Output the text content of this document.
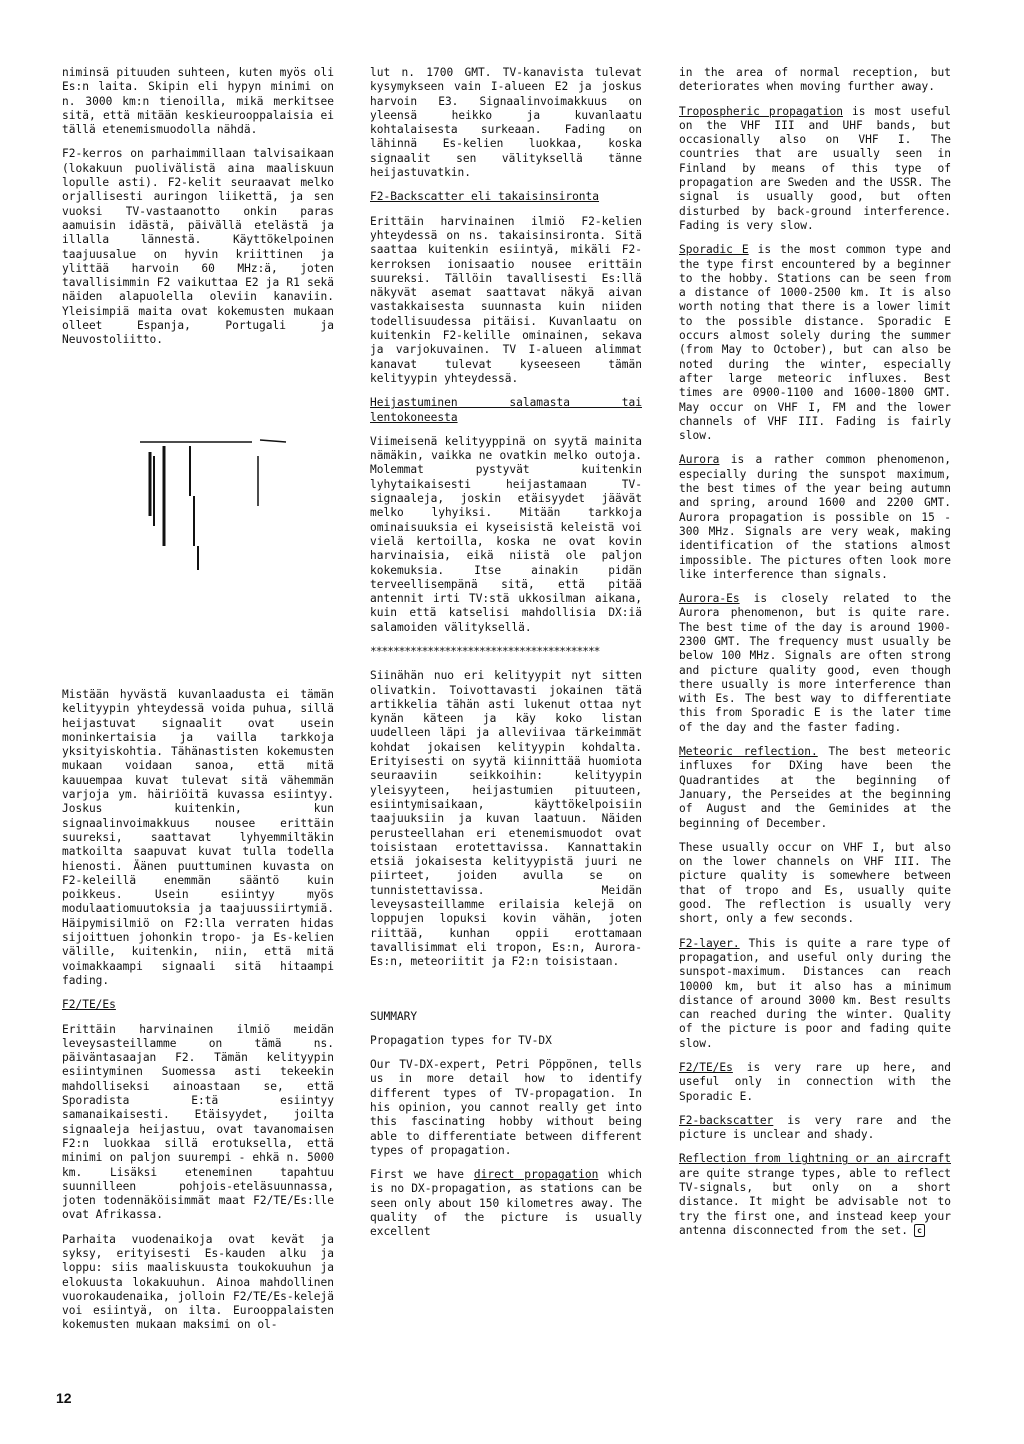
niminsä pituuden suhteen, kuten myös oli Es:n laita. Skipin eli hypyn minimi on n. 3000 km:n tienoilla, mikä merkitsee sitä, että mitään keskieurooppalaisia ei tällä etenemismuodolla nähdä.

F2-kerros on parhaimmillaan talvisaikaan (lokakuun puolivälistä aina maaliskuun lopulle asti). F2-kelit seuraavat melko orjallisesti auringon liikettä, ja sen vuoksi TV-vastaanotto onkin paras aamuisin idästä, päivällä etelästä ja illalla lännestä. Käyttökelpoinen taajuusalue on hyvin kriittinen ja ylittää harvoin 60 MHz:ä, joten tavallisimmin F2 vaikuttaa E2 ja R1 sekä näiden alapuolella oleviin kanaviin. Yleisimpiä maita ovat kokemusten mukaan olleet Espanja, Portugali ja Neuvostoliitto.

Mistään hyvästä kuvanlaadusta ei tämän kelityypin yhteydessä voida puhua, sillä heijastuvat signaalit ovat usein moninkertaisia ja vailla tarkkoja yksityiskohtia. Tähänastisten kokemusten mukaan voidaan sanoa, että mitä kauuempaa kuvat tulevat sitä vähemmän varjoja ym. häiriöitä kuvassa esiintyy. Joskus kuitenkin, kun signaalinvoimakkuus nousee erittäin suureksi, saattavat lyhyemmiltäkin matkoilta saapuvat kuvat tulla todella hienosti. Äänen puuttuminen kuvasta on F2-keleillä enemmän sääntö kuin poikkeus. Usein esiintyy myös modulaatiomuutoksia ja taajuussiirtymiä. Häipymisilmiö on F2:lla verraten hidas sijoittuen johonkin tropo- ja Es-kelien välille, kuitenkin, niin, että mitä voimakkaampi signaali sitä hitaampi fading.

F2/TE/Es

Erittäin harvinainen ilmiö meidän leveysasteillamme on tämä ns. päiväntasaajan F2. Tämän kelityypin esiintyminen Suomessa asti tekeekin mahdolliseksi ainoastaan se, että Sporadista E:tä esiintyy samanaikaisesti. Etäisyydet, joilta signaaleja heijastuu, ovat tavanomaisen F2:n luokkaa sillä erotuksella, että minimi on paljon suurempi - ehkä n. 5000 km. Lisäksi eteneminen tapahtuu suunnilleen pohjois-eteläsuunnassa, joten todennäköisimmät maat F2/TE/Es:lle ovat Afrikassa.

Parhaita vuodenaikoja ovat kevät ja syksy, erityisesti Es-kauden alku ja loppu: siis maaliskuusta toukokuuhun ja elokuusta lokakuuhun. Ainoa mahdollinen vuorokaudenaika, jolloin F2/TE/Es-kelejä voi esiintyä, on ilta. Eurooppalaisten kokemusten mukaan maksimi on ol-

lut n. 1700 GMT. TV-kanavista tulevat kysymykseen vain I-alueen E2 ja joskus harvoin E3. Signaalinvoimakkuus on yleensä heikko ja kuvanlaatu kohtalaisesta surkeaan. Fading on lähinnä Es-kelien luokkaa, koska signaalit sen välityksellä tänne heijastuvatkin.

F2-Backscatter eli takaisinsironta

Erittäin harvinainen ilmiö F2-kelien yhteydessä on ns. takaisinsironta. Sitä saattaa kuitenkin esiintyä, mikäli F2-kerroksen ionisaatio nousee erittäin suureksi. Tällöin tavallisesti Es:llä näkyvät asemat saattavat näkyä aivan vastakkaisesta suunnasta kuin niiden todellisuudessa pitäisi. Kuvanlaatu on kuitenkin F2-kelille ominainen, sekava ja varjokuvainen. TV I-alueen alimmat kanavat tulevat kyseeseen tämän kelityypin yhteydessä.

Heijastuminen salamasta tai lentokoneesta

Viimeisenä kelityyppinä on syytä mainita nämäkin, vaikka ne ovatkin melko outoja. Molemmat pystyvät kuitenkin lyhytaikaisesti heijastamaan TV-signaaleja, joskin etäisyydet jäävät melko lyhyiksi. Mitään tarkkoja ominaisuuksia ei kyseisistä keleistä voi vielä kertoilla, koska ne ovat kovin harvinaisia, eikä niistä ole paljon kokemuksia. Itse ainakin pidän terveellisempänä sitä, että pitää antennit irti TV:stä ukkosilman aikana, kuin että katselisi mahdollisia DX:iä salamoiden välityksellä.

****************************************

Siinähän nuo eri kelityypit nyt sitten olivatkin. Toivottavasti jokainen tätä artikkelia tähän asti lukenut ottaa nyt kynän käteen ja käy koko listan uudelleen läpi ja alleviivaa tärkeimmät kohdat jokaisen kelityypin kohdalta. Erityisesti on syytä kiinnittää huomiota seuraaviin seikkoihin: kelityypin yleisyyteen, heijastumien pituuteen, esiintymisaikaan, käyttökelpoisiin taajuuksiin ja kuvan laatuun. Näiden perusteellahan eri etenemismuodot ovat toisistaan erotettavissa. Kannattakin etsiä jokaisesta kelityypistä juuri ne piirteet, joiden avulla se on tunnistettavissa. Meidän leveysasteillamme erilaisia kelejä on loppujen lopuksi kovin vähän, joten riittää, kunhan oppii erottamaan tavallisimmat eli tropon, Es:n, Aurora-Es:n, meteoriitit ja F2:n toisistaan.

SUMMARY

Propagation types for TV-DX

Our TV-DX-expert, Petri Pöppönen, tells us in more detail how to identify different types of TV-propagation. In his opinion, you cannot really get into this fascinating hobby without being able to differentiate between different types of propagation.

First we have direct propagation which is no DX-propagation, as stations can be seen only about 150 kilometres away. The quality of the picture is usually excellent

in the area of normal reception, but deteriorates when moving further away.

Tropospheric propagation is most useful on the VHF III and UHF bands, but occasionally also on VHF I. The countries that are usually seen in Finland by means of this type of propagation are Sweden and the USSR. The signal is usually good, but often disturbed by back-ground interference. Fading is very slow.

Sporadic E is the most common type and the type first encountered by a beginner to the hobby. Stations can be seen from a distance of 1000-2500 km. It is also worth noting that there is a lower limit to the possible distance. Sporadic E occurs almost solely during the summer (from May to October), but can also be noted during the winter, especially after large meteoric influxes. Best times are 0900-1100 and 1600-1800 GMT. May occur on VHF I, FM and the lower channels of VHF III. Fading is fairly slow.

Aurora is a rather common phenomenon, especially during the sunspot maximum, the best times of the year being autumn and spring, around 1600 and 2200 GMT. Aurora propagation is possible on 15 - 300 MHz. Signals are very weak, making identification of the stations almost impossible. The pictures often look more like interference than signals.

Aurora-Es is closely related to the Aurora phenomenon, but is quite rare. The best time of the day is around 1900-2300 GMT. The frequency must usually be below 100 MHz. Signals are often strong and picture quality good, even though there usually is more interference than with Es. The best way to differentiate this from Sporadic E is the later time of the day and the faster fading.

Meteoric reflection. The best meteoric influxes for DXing have been the Quadrantides at the beginning of January, the Perseides at the beginning of August and the Geminides at the beginning of December.

These usually occur on VHF I, but also on the lower channels on VHF III. The picture quality is somewhere between that of tropo and Es, usually quite good. The reflection is usually very short, only a few seconds.

F2-layer. This is quite a rare type of propagation, and useful only during the sunspot-maximum. Distances can reach 10000 km, but it also has a minimum distance of around 3000 km. Best results can reached during the winter. Quality of the picture is poor and fading quite slow.

F2/TE/Es is very rare up here, and useful only in connection with the Sporadic E.

F2-backscatter is very rare and the picture is unclear and shady.

Reflection from lightning or an aircraft are quite strange types, able to reflect TV-signals, but only on a short distance. It might be advisable not to try the first one, and instead keep your antenna disconnected from the set. c

12
